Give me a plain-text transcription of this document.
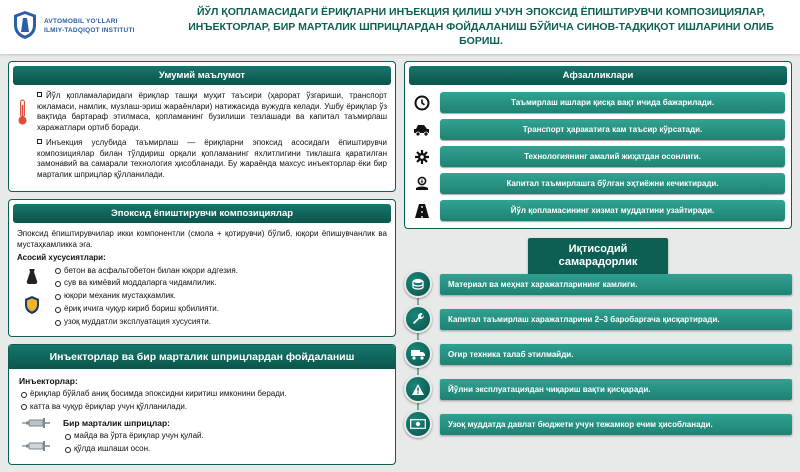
AVTOMOBIL YO'LLARI
ILMIY-TADQIQOT INSTITUTI
ЙЎЛ ҚОПЛАМАСИДАГИ ЁРИҚЛАРНИ ИНЪЕКЦИЯ ҚИЛИШ УЧУН ЭПОКСИД ЁПИШТИРУВЧИ КОМПОЗИЦИЯЛАР, ИНЪЕКТОРЛАР, БИР МАРТАЛИК ШПРИЦЛАРДАН ФОЙДАЛАНИШ БЎЙИЧА СИНОВ-ТАДҚИҚОТ ИШЛАРИНИ ОЛИБ БОРИШ.
Умумий маълумот

Йўл қопламаларидаги ёриқлар ташқи муҳит таъсири (ҳарорат ўзгариши, транспорт юкламаси, намлик, музлаш-эриш жараёнлари) натижасида вужудга келади. Ушбу ёриқлар ўз вақтида бартараф этилмаса, қопламанинг бузилиши тезлашади ва капитал таъмирлаш харажатлари ортиб боради.

Инъекция услубида таъмирлаш — ёриқларни эпоксид асосидаги ёпиштирувчи композициялар билан тўлдириш орқали қопламанинг яхлитлигини тиклашга қаратилган замонавий ва самарали технология ҳисобланади. Бу жараёнда махсус инъекторлар ёки бир марталик шприцлар қўлланилади.

Эпоксид ёпиштирувчи композициялар

Эпоксид ёпиштирувчилар икки компонентли (смола + қотирувчи) бўлиб, юқори ёпишувчанлик ва мустаҳкамликка эга.

Асосий хусусиятлари:

бетон ва асфальтобетон билан юқори адгезия.
сув ва кимёвий моддаларга чидамлилик.
юқори механик мустаҳкамлик.
ёриқ ичига чуқур кириб бориш қобилияти.
узоқ муддатли эксплуатация хусусияти.
Инъекторлар ва бир марталик шприцлардан фойдаланиш
Инъекторлар:
ёриқлар бўйлаб аниқ босимда эпоксидни киритиш имконини беради.
катта ва чуқур ёриқлар учун қўлланилади.
Бир марталик шприцлар:
майда ва ўрта ёриқлар учун қулай.
қўлда ишлаши осон.
Афзалликлари
Таъмирлаш ишлари қисқа вақт ичида бажарилади.
Транспорт ҳаракатига кам таъсир кўрсатади.
Технологиянинг амалий жиҳатдан осонлиги.
Капитал таъмирлашга бўлган эҳтиёжни кечиктиради.
Йўл қопламасининг хизмат муддатини узайтиради.
Иқтисодий самарадорлик
Материал ва меҳнат харажатларининг камлиги.
Капитал таъмирлаш харажатларини 2–3 баробаргача қисқартиради.
Оғир техника талаб этилмайди.
Йўлни эксплуатациядан чиқариш вақти қисқаради.
Узоқ муддатда давлат бюджети учун тежамкор ечим ҳисобланади.
